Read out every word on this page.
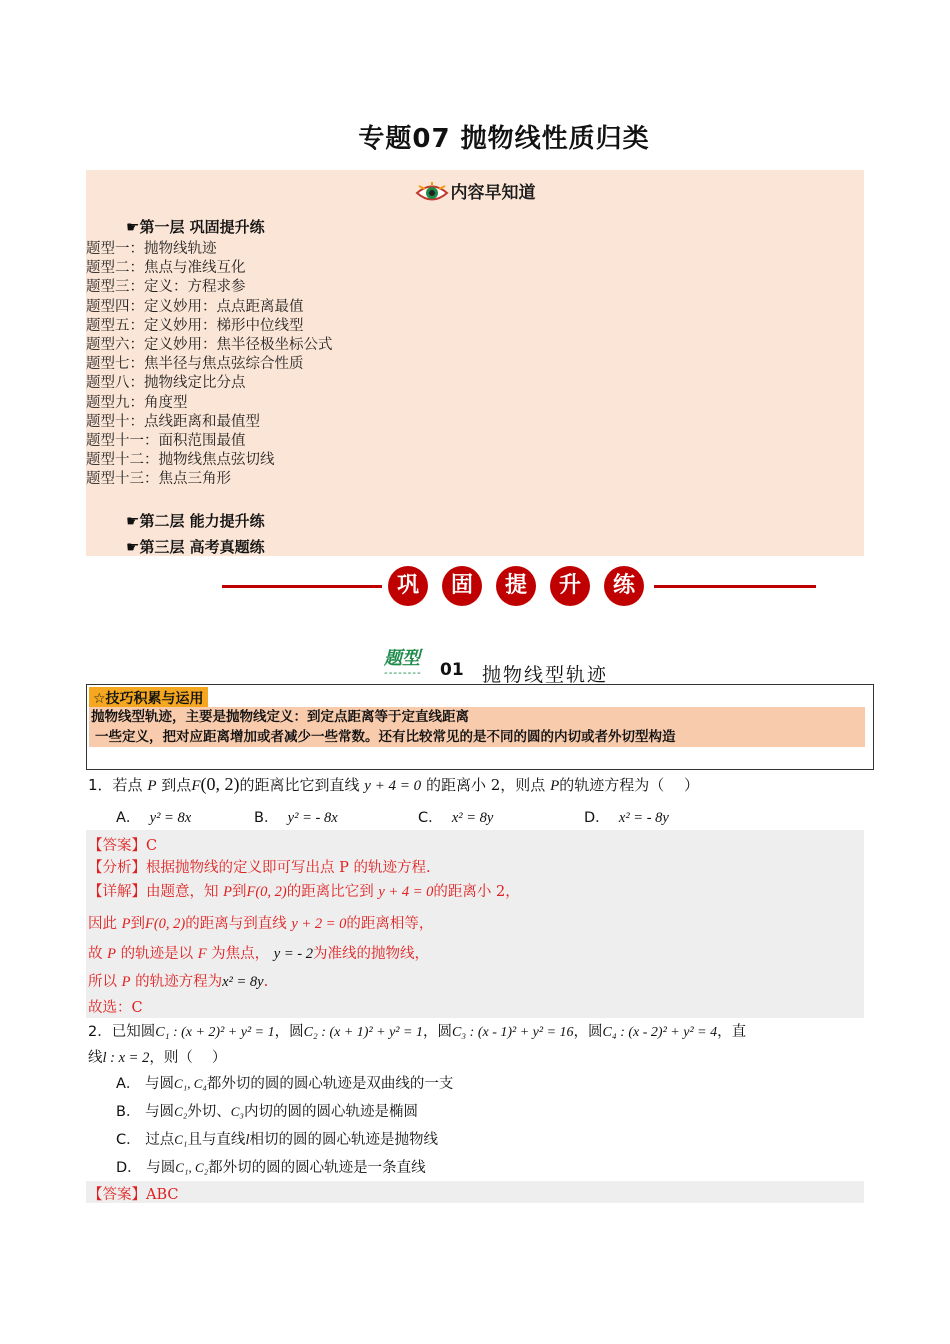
专题07 抛物线性质归类
内容早知道
☛第一层 巩固提升练
题型一：抛物线轨迹
题型二：焦点与准线互化
题型三：定义：方程求参
题型四：定义妙用：点点距离最值
题型五：定义妙用：梯形中位线型
题型六：定义妙用：焦半径极坐标公式
题型七：焦半径与焦点弦综合性质
题型八：抛物线定比分点
题型九：角度型
题型十：点线距离和最值型
题型十一：面积范围最值
题型十二：抛物线焦点弦切线
题型十三：焦点三角形
☛第二层 能力提升练
☛第三层 高考真题练
巩	固	提	升	练
题型
-------- 01 抛物线型轨迹
☆技巧积累与运用
抛物线型轨迹，主要是抛物线定义：到定点距离等于定直线距离
一些定义，把对应距离增加或者减少一些常数。还有比较常见的是不同的圆的内切或者外切型构造
1．若点 P 到点F(0, 2)的距离比它到直线 y + 4 = 0 的距离小 2，则点 P的轨迹方程为（　 ）
A． y² = 8x	B． y² = - 8x	C． x² = 8y	D． x² = - 8y
【答案】C
【分析】根据抛物线的定义即可写出点 P 的轨迹方程.
【详解】由题意，知 P到F(0, 2)的距离比它到 y + 4 = 0的距离小 2，
因此 P到F(0, 2)的距离与到直线 y + 2 = 0的距离相等，
故 P 的轨迹是以 F 为焦点， y = - 2为准线的抛物线，
所以 P 的轨迹方程为x² = 8y.
故选：C
2．已知圆C₁ : (x + 2)² + y² = 1，圆C₂ : (x + 1)² + y² = 1，圆C₃ : (x - 1)² + y² = 16，圆C₄ : (x - 2)² + y² = 4，直
线l : x = 2，则（　 ）
A． 与圆C₁, C₄都外切的圆的圆心轨迹是双曲线的一支
B． 与圆C₂外切、C₃内切的圆的圆心轨迹是椭圆
C． 过点C₁且与直线l相切的圆的圆心轨迹是抛物线
D． 与圆C₁, C₂都外切的圆的圆心轨迹是一条直线
【答案】ABC
